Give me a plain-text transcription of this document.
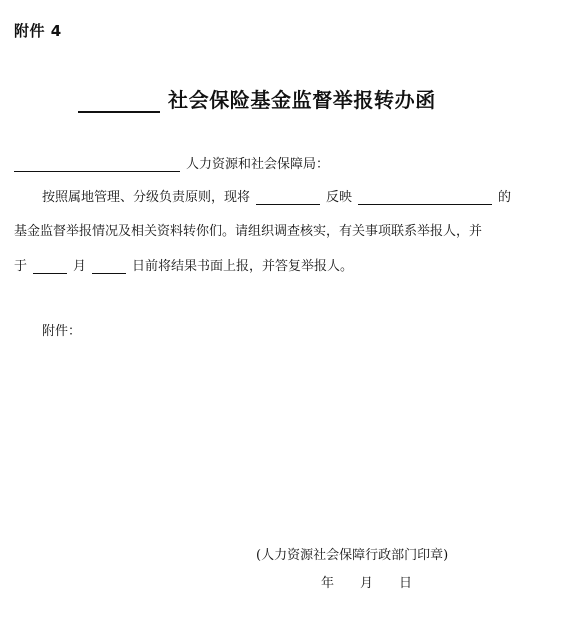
附件 4
社会保险基金监督举报转办函
人力资源和社会保障局：
按照属地管理、分级负责原则，现将	反映	的
基金监督举报情况及相关资料转你们。请组织调查核实，有关事项联系举报人，并
于	月	日前将结果书面上报，并答复举报人。
附件：
(人力资源社会保障行政部门印章)
年 月 日
